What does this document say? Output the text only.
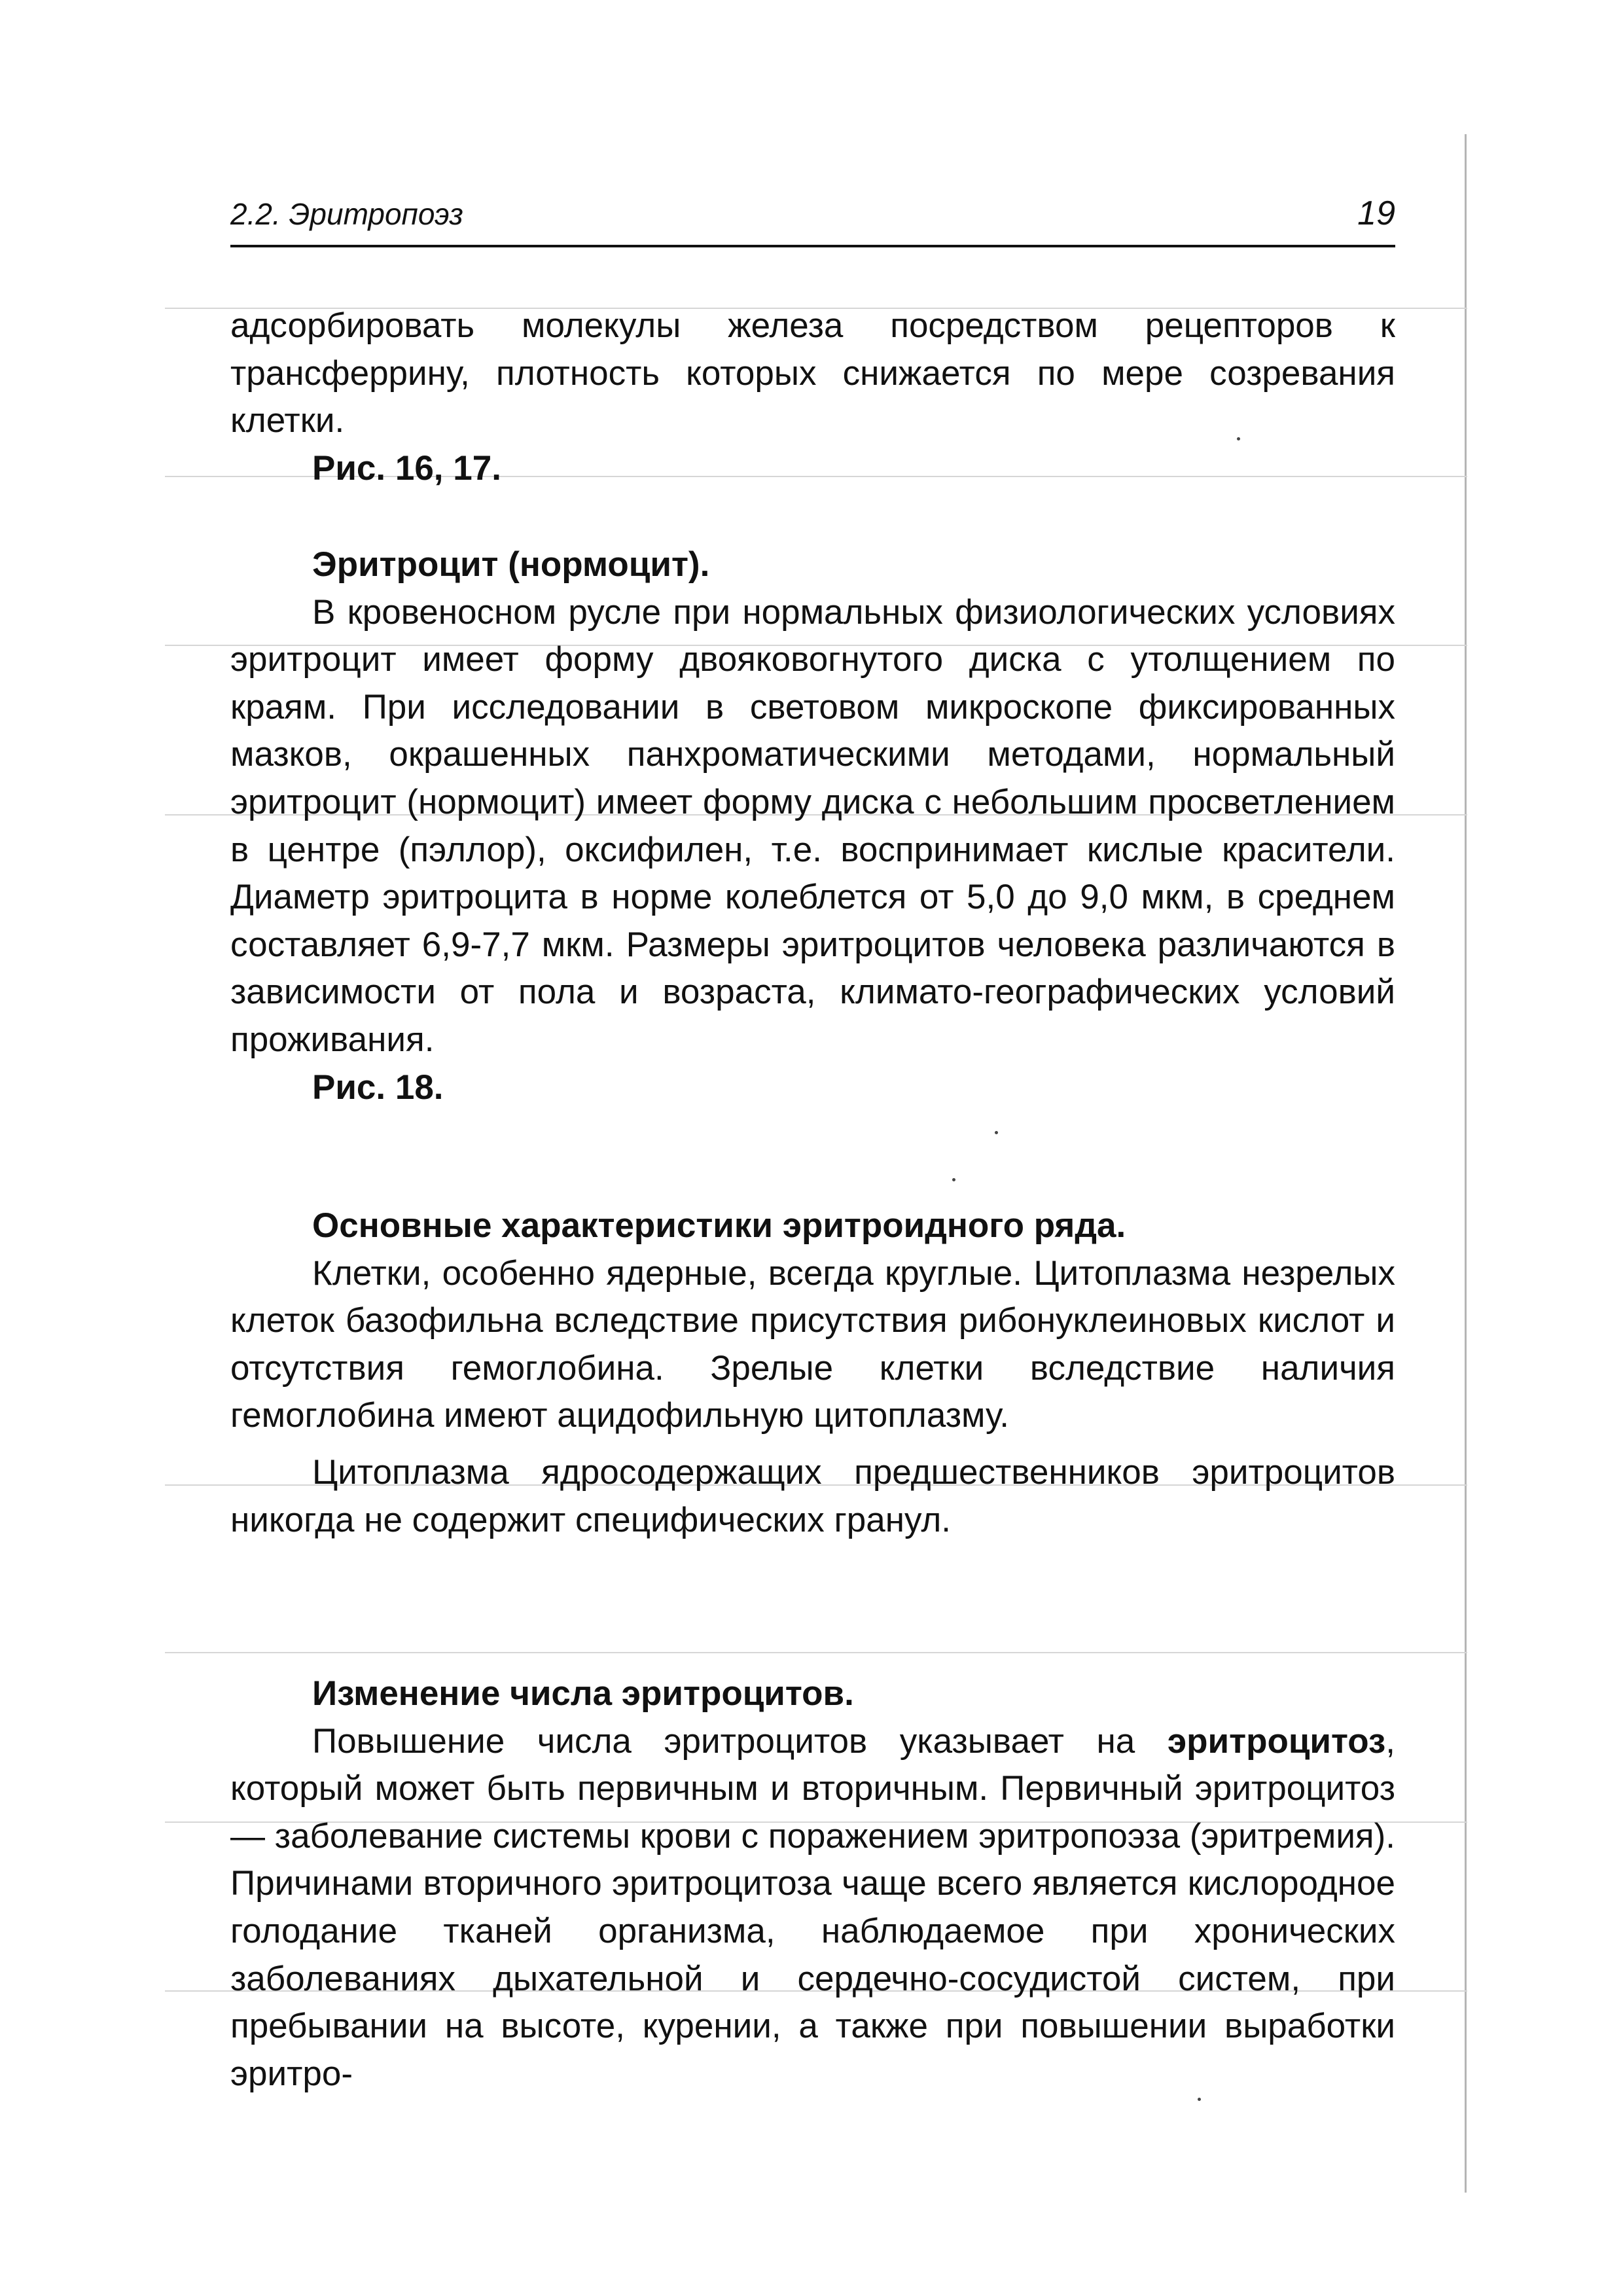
2.2. Эритропоэз	19

адсорбировать молекулы железа посредством рецепторов к трансферрину, плотность которых снижается по мере созревания клетки.

Рис. 16, 17.

Эритроцит (нормоцит).

В кровеносном русле при нормальных физиологических условиях эритроцит имеет форму двояковогнутого диска с утолщением по краям. При исследовании в световом микроскопе фиксированных мазков, окрашенных панхроматическими методами, нормальный эритроцит (нормоцит) имеет форму диска с небольшим просветлением в центре (пэллор), оксифилен, т.е. воспринимает кислые красители. Диаметр эритроцита в норме колеблется от 5,0 до 9,0 мкм, в среднем составляет 6,9-7,7 мкм. Размеры эритроцитов человека различаются в зависимости от пола и возраста, климато-географических условий проживания.

Рис. 18.

Основные характеристики эритроидного ряда.

Клетки, особенно ядерные, всегда круглые. Цитоплазма незрелых клеток базофильна вследствие присутствия рибонуклеиновых кислот и отсутствия гемоглобина. Зрелые клетки вследствие наличия гемоглобина имеют ацидофильную цитоплазму.

Цитоплазма ядросодержащих предшественников эритроцитов никогда не содержит специфических гранул.

Изменение числа эритроцитов.

Повышение числа эритроцитов указывает на эритроцитоз, который может быть первичным и вторичным. Первичный эритроцитоз — заболевание системы крови с поражением эритропоэза (эритремия). Причинами вторичного эритроцитоза чаще всего является кислородное голодание тканей организма, наблюдаемое при хронических заболеваниях дыхательной и сердечно-сосудистой систем, при пребывании на высоте, курении, а также при повышении выработки эритро-
